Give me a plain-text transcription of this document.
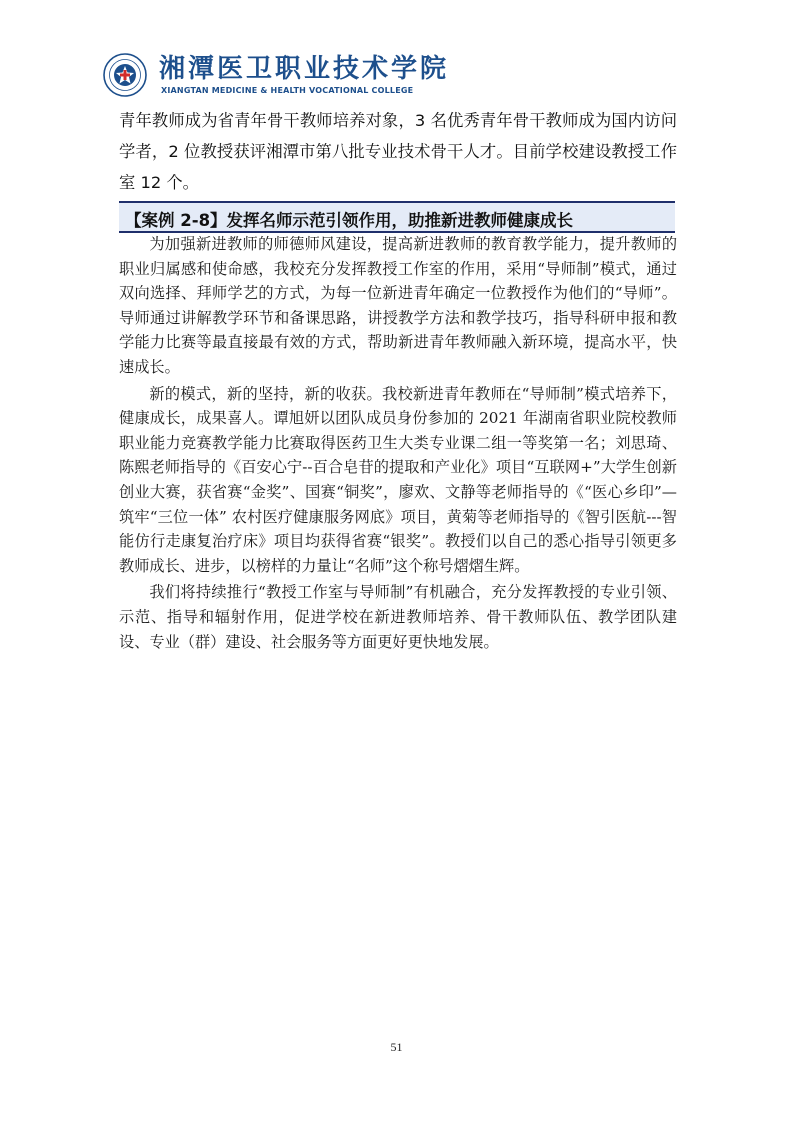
湘潭医卫职业技术学院
XIANGTAN MEDICINE & HEALTH VOCATIONAL COLLEGE
青年教师成为省青年骨干教师培养对象，3 名优秀青年骨干教师成为国内访问学者，2 位教授获评湘潭市第八批专业技术骨干人才。目前学校建设教授工作室 12 个。
【案例 2-8】发挥名师示范引领作用，助推新进教师健康成长

为加强新进教师的师德师风建设，提高新进教师的教育教学能力，提升教师的职业归属感和使命感，我校充分发挥教授工作室的作用，采用“导师制”模式，通过双向选择、拜师学艺的方式，为每一位新进青年确定一位教授作为他们的“导师”。导师通过讲解教学环节和备课思路，讲授教学方法和教学技巧，指导科研申报和教学能力比赛等最直接最有效的方式，帮助新进青年教师融入新环境，提高水平，快速成长。

新的模式，新的坚持，新的收获。我校新进青年教师在“导师制”模式培养下，健康成长，成果喜人。谭旭妍以团队成员身份参加的 2021 年湖南省职业院校教师职业能力竞赛教学能力比赛取得医药卫生大类专业课二组一等奖第一名；刘思琦、陈熙老师指导的《百安心宁--百合皂苷的提取和产业化》项目“互联网+”大学生创新创业大赛，获省赛“金奖”、国赛“铜奖”，廖欢、文静等老师指导的《“医心乡印”— 筑牢“三位一体” 农村医疗健康服务网底》项目，黄菊等老师指导的《智引医航---智能仿行走康复治疗床》项目均获得省赛“银奖”。教授们以自己的悉心指导引领更多教师成长、进步，以榜样的力量让“名师”这个称号熠熠生辉。

我们将持续推行“教授工作室与导师制”有机融合，充分发挥教授的专业引领、示范、指导和辐射作用，促进学校在新进教师培养、骨干教师队伍、教学团队建设、专业（群）建设、社会服务等方面更好更快地发展。

51
